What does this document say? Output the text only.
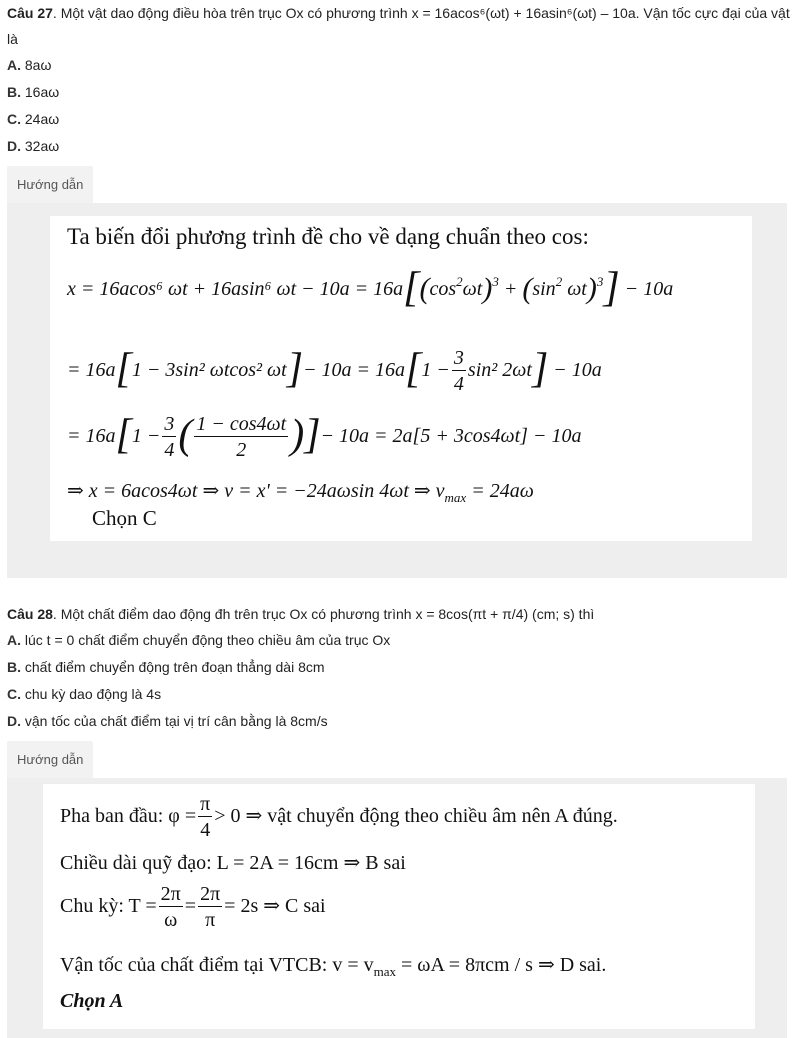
Câu 27. Một vật dao động điều hòa trên trục Ox có phương trình x = 16acos⁶(ωt) + 16asin⁶(ωt) – 10a. Vận tốc cực đại của vật là
A. 8aω
B. 16aω
C. 24aω
D. 32aω
Hướng dẫn
Ta biến đổi phương trình đề cho về dạng chuẩn theo cos:
x = 16acos⁶ ωt + 16asin⁶ $\omega t - 10a = 16a[(\cos^2\omega t)^3 + (\sin^2$ ωt)$^3$] − 10a
= 16a[1 − 3sin² ωtcos² $\omega t]- 10a = 16a[1 - \frac{3}{4} \sin^2$ 2ωt] − 10a
= $16a[1 - \frac{3}{4}$ ( $\frac{1 - \cos 4\omega t}{2}$ )]− 10a = 2a[5 + 3cos4ωt] − 10a
⇒ x = 6acos4ωt ⇒ v = x' = −24aωsin 4ωt ⇒ $v_{max} = 24a\omega$
Chọn C
Câu 28. Một chất điểm dao động đh trên trục Ox có phương trình x = 8cos(πt + π/4) (cm; s) thì
A. lúc t = 0 chất điểm chuyển động theo chiều âm của trục Ox
B. chất điểm chuyển động trên đoạn thẳng dài 8cm
C. chu kỳ dao động là 4s
D. vận tốc của chất điểm tại vị trí cân bằng là 8cm/s
Hướng dẫn
Pha ban đầu: $\varphi = \frac{\pi}{4} > 0$ ⇒ vật chuyển động theo chiều âm nên A đúng.
Chiều dài quỹ đạo: L = 2A = 16cm ⇒ B sai
Chu kỳ: $T = \frac{2\pi}{\omega} = \frac{2\pi}{\pi} = 2s$ ⇒ C sai
Vận tốc của chất điểm tại VTCB: $v = v_{max} = \omega A = 8\pi cm / s$ ⇒ D sai.
Chọn A
